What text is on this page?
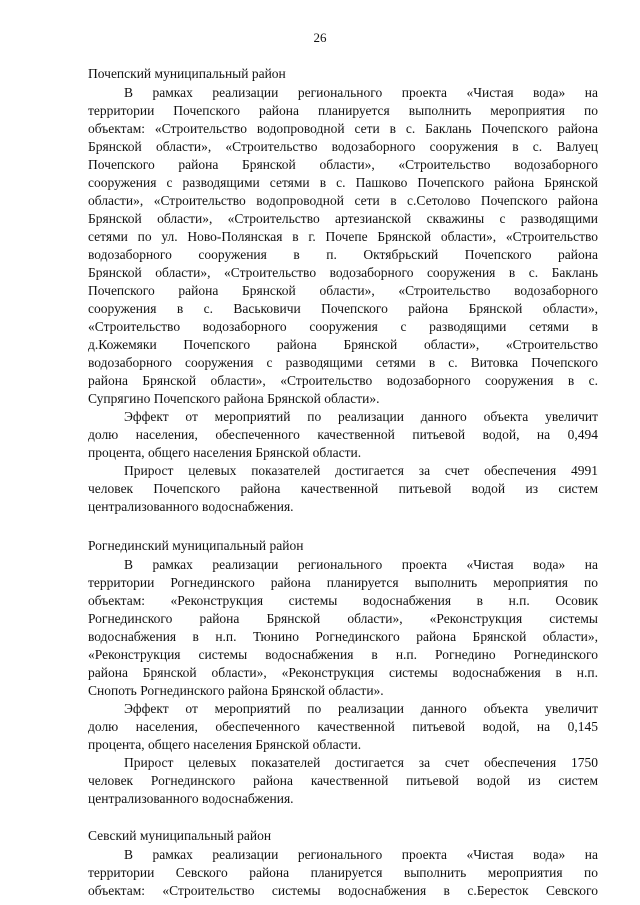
26
Почепский муниципальный район
В рамках реализации регионального проекта «Чистая вода» на
территории Почепского района планируется выполнить мероприятия по
объектам: «Строительство водопроводной сети в с. Баклань Почепского района
Брянской области», «Строительство водозаборного сооружения в с. Валуец
Почепского района Брянской области», «Строительство водозаборного
сооружения с разводящими сетями в с. Пашково Почепского района Брянской
области», «Строительство водопроводной сети в с.Сетолово Почепского района
Брянской области», «Строительство артезианской скважины с разводящими
сетями по ул. Ново-Полянская в г. Почепе Брянской области», «Строительство
водозаборного сооружения в п. Октябрьский Почепского района
Брянской области», «Строительство водозаборного сооружения в с. Баклань
Почепского района Брянской области», «Строительство водозаборного
сооружения в с. Васьковичи Почепского района Брянской области»,
«Строительство водозаборного сооружения с разводящими сетями в
д.Кожемяки Почепского района Брянской области», «Строительство
водозаборного сооружения с разводящими сетями в с. Витовка Почепского
района Брянской области», «Строительство водозаборного сооружения в с.
Супрягино Почепского района Брянской области».
Эффект от мероприятий по реализации данного объекта увеличит
долю населения, обеспеченного качественной питьевой водой, на 0,494
процента, общего населения Брянской области.
Прирост целевых показателей достигается за счет обеспечения 4991
человек Почепского района качественной питьевой водой из систем
централизованного водоснабжения.
Рогнединский муниципальный район
В рамках реализации регионального проекта «Чистая вода» на
территории Рогнединского района планируется выполнить мероприятия по
объектам: «Реконструкция системы водоснабжения в н.п. Осовик
Рогнединского района Брянской области», «Реконструкция системы
водоснабжения в н.п. Тюнино Рогнединского района Брянской области»,
«Реконструкция системы водоснабжения в н.п. Рогнедино Рогнединского
района Брянской области», «Реконструкция системы водоснабжения в н.п.
Снопоть Рогнединского района Брянской области».
Эффект от мероприятий по реализации данного объекта увеличит
долю населения, обеспеченного качественной питьевой водой, на 0,145
процента, общего населения Брянской области.
Прирост целевых показателей достигается за счет обеспечения 1750
человек Рогнединского района качественной питьевой водой из систем
централизованного водоснабжения.
Севский муниципальный район
В рамках реализации регионального проекта «Чистая вода» на
территории Севского района планируется выполнить мероприятия по
объектам: «Строительство системы водоснабжения в с.Бересток Севского
